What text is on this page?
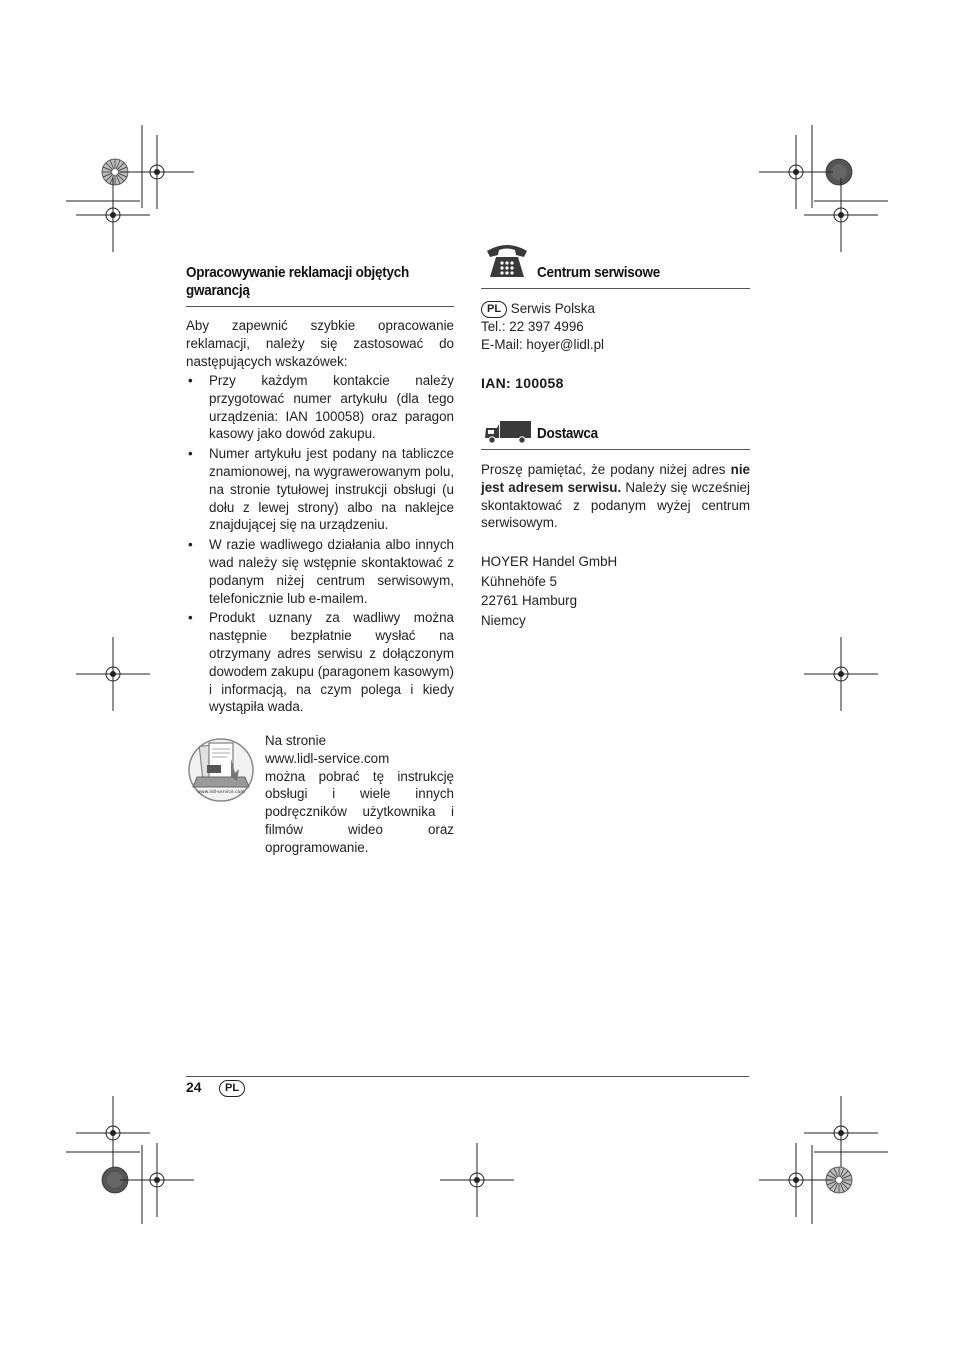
Opracowywanie reklamacji objętych
gwarancją
Aby zapewnić szybkie opracowanie reklamacji, należy się zastosować do następujących wskazówek:
• Przy każdym kontakcie należy przygotować numer artykułu (dla tego urządzenia: IAN 100058) oraz paragon kasowy jako dowód zakupu.
• Numer artykułu jest podany na tabliczce znamionowej, na wygrawerowanym polu, na stronie tytułowej instrukcji obsługi (u dołu z lewej strony) albo na naklejce znajdującej się na urządzeniu.
• W razie wadliwego działania albo innych wad należy się wstępnie skontaktować z podanym niżej centrum serwisowym, telefonicznie lub e-mailem.
• Produkt uznany za wadliwy można następnie bezpłatnie wysłać na otrzymany adres serwisu z dołączonym dowodem zakupu (paragonem kasowym) i informacją, na czym polega i kiedy wystąpiła wada.
www.lidl-service.com
Na stronie
www.lidl-service.com
można pobrać tę instrukcję obsługi i wiele innych podręczników użytkownika i filmów wideo oraz oprogramowanie.
Centrum serwisowe
PL Serwis Polska
Tel.: 22 397 4996
E-Mail: hoyer@lidl.pl
IAN: 100058
Dostawca
Proszę pamiętać, że podany niżej adres nie jest adresem serwisu. Należy się wcześniej skontaktować z podanym wyżej centrum serwisowym.
HOYER Handel GmbH
Kühnehöfe 5
22761 Hamburg
Niemcy
24	PL
